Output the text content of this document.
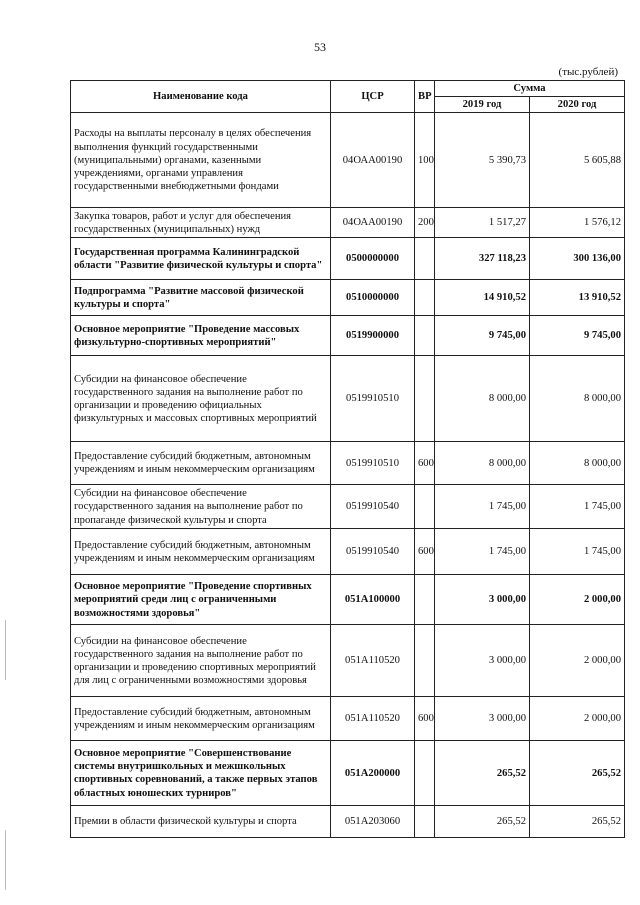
53
(тыс.рублей)
Наименование кода	ЦСР	ВР	Сумма	
			2019 год	2020 год
Расходы на выплаты персоналу в целях обеспечения выполнения функций государственными (муниципальными) органами, казенными учреждениями, органами управления государственными внебюджетными фондами	04ОАА00190	100	5 390,73	5 605,88
Закупка товаров, работ и услуг для обеспечения государственных (муниципальных) нужд	04ОАА00190	200	1 517,27	1 576,12
Государственная программа Калининградской области "Развитие физической культуры и спорта"	0500000000		327 118,23	300 136,00
Подпрограмма "Развитие массовой физической культуры и спорта"	0510000000		14 910,52	13 910,52
Основное мероприятие "Проведение массовых физкультурно-спортивных мероприятий"	0519900000		9 745,00	9 745,00
Субсидии на финансовое обеспечение государственного задания на выполнение работ по организации и проведению официальных физкультурных и массовых спортивных мероприятий	0519910510		8 000,00	8 000,00
Предоставление субсидий бюджетным, автономным учреждениям и иным некоммерческим организациям	0519910510	600	8 000,00	8 000,00
Субсидии на финансовое обеспечение государственного задания на выполнение работ по пропаганде физической культуры и спорта	0519910540		1 745,00	1 745,00
Предоставление субсидий бюджетным, автономным учреждениям и иным некоммерческим организациям	0519910540	600	1 745,00	1 745,00
Основное мероприятие "Проведение спортивных мероприятий среди лиц с ограниченными возможностями здоровья"	051А100000		3 000,00	2 000,00
Субсидии на финансовое обеспечение государственного задания на выполнение работ по организации и проведению спортивных мероприятий для лиц с ограниченными возможностями здоровья	051А110520		3 000,00	2 000,00
Предоставление субсидий бюджетным, автономным учреждениям и иным некоммерческим организациям	051А110520	600	3 000,00	2 000,00
Основное мероприятие "Совершенствование системы внутришкольных и межшкольных спортивных соревнований, а также первых этапов областных юношеских турниров"	051А200000		265,52	265,52
Премии в области физической культуры и спорта	051А203060		265,52	265,52
